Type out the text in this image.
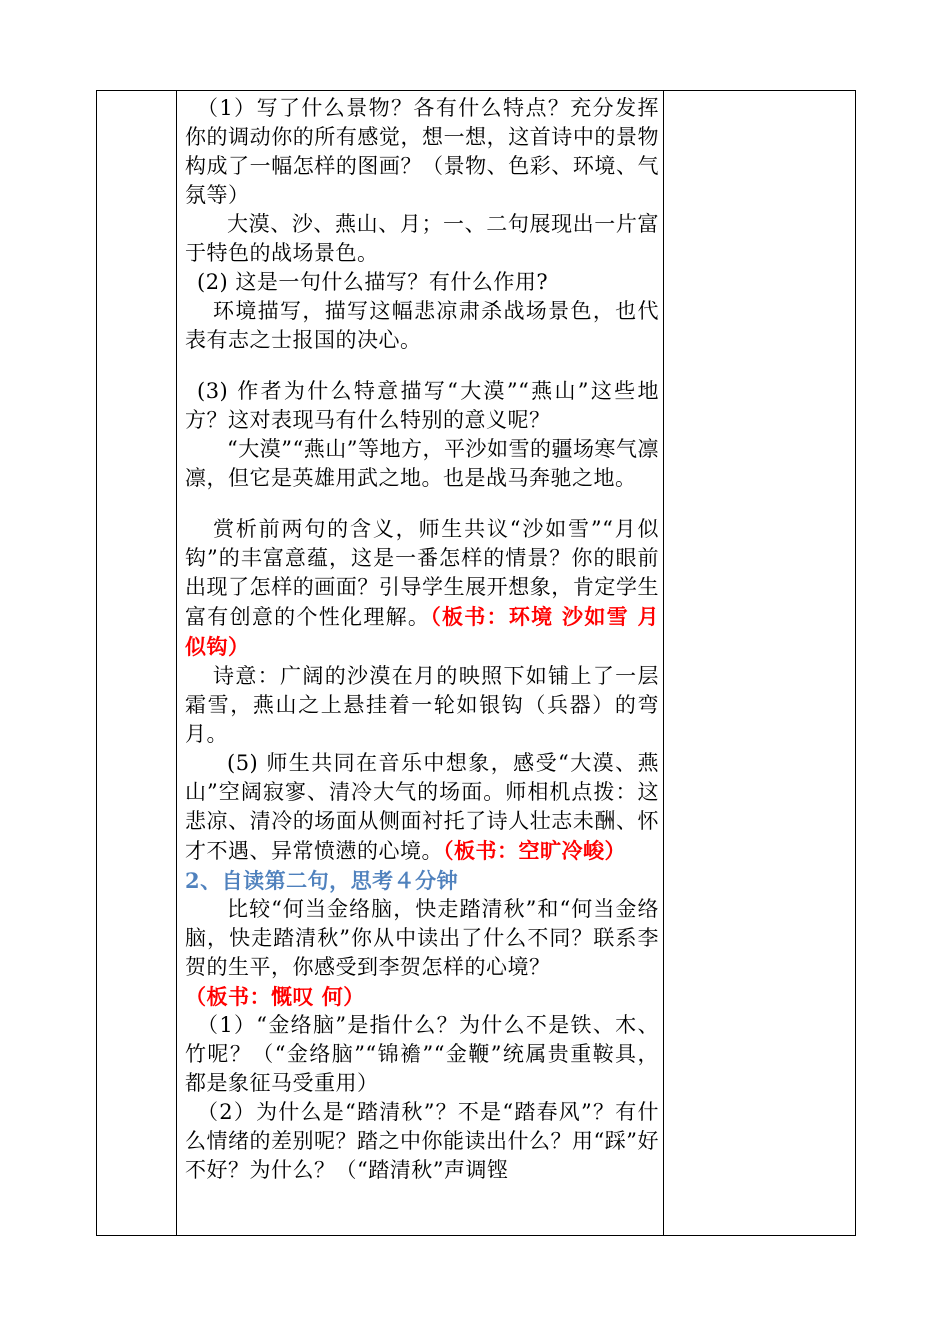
（1）写了什么景物？各有什么特点？充分发挥你的调动你的所有感觉，想一想，这首诗中的景物构成了一幅怎样的图画？（景物、色彩、环境、气氛等）

大漠、沙、燕山、月；一、二句展现出一片富于特色的战场景色。

(2) 这是一句什么描写？有什么作用?

环境描写，描写这幅悲凉肃杀战场景色，也代表有志之士报国的决心。

(3) 作者为什么特意描写“大漠”“燕山”这些地方？这对表现马有什么特别的意义呢？

“大漠”“燕山”等地方，平沙如雪的疆场寒气凛凛，但它是英雄用武之地。也是战马奔驰之地。

赏析前两句的含义，师生共议“沙如雪”“月似钩”的丰富意蕴，这是一番怎样的情景？你的眼前出现了怎样的画面？引导学生展开想象，肯定学生富有创意的个性化理解。（板书：环境 沙如雪 月似钩）

诗意：广阔的沙漠在月的映照下如铺上了一层霜雪，燕山之上悬挂着一轮如银钩（兵器）的弯月。

(5) 师生共同在音乐中想象，感受“大漠、燕山”空阔寂寥、清冷大气的场面。师相机点拨：这悲凉、清冷的场面从侧面衬托了诗人壮志未酬、怀才不遇、异常愤懑的心境。（板书：空旷冷峻）

2、自读第二句，思考４分钟

比较“何当金络脑，快走踏清秋”和“何当金络脑，快走踏清秋”你从中读出了什么不同？联系李贺的生平，你感受到李贺怎样的心境？

（板书：慨叹 何）

（1）“金络脑”是指什么？为什么不是铁、木、竹呢？（“金络脑”“锦襜”“金鞭”统属贵重鞍具，都是象征马受重用）

（2）为什么是“踏清秋”？不是“踏春风”？有什么情绪的差别呢？踏之中你能读出什么？用“踩”好不好？为什么？（“踏清秋”声调铿
